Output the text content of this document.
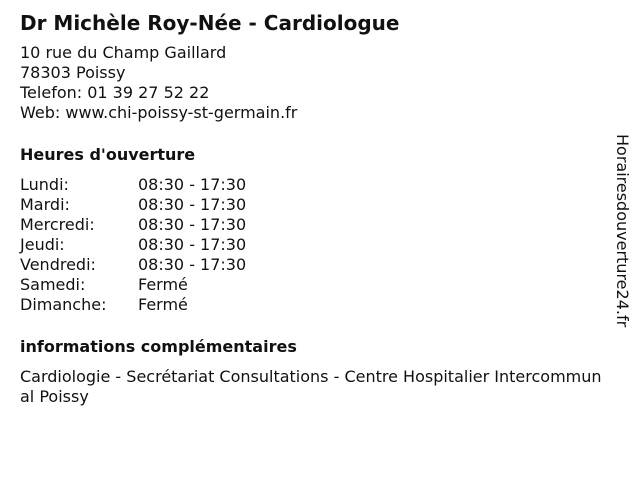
Dr Michèle Roy-Née - Cardiologue
10 rue du Champ Gaillard
78303 Poissy
Telefon: 01 39 27 52 22
Web: www.chi-poissy-st-germain.fr
Heures d'ouverture
Lundi:	08:30 - 17:30
Mardi:	08:30 - 17:30
Mercredi:	08:30 - 17:30
Jeudi:	08:30 - 17:30
Vendredi:	08:30 - 17:30
Samedi:	Fermé
Dimanche:	Fermé
informations complémentaires
Cardiologie - Secrétariat Consultations - Centre Hospitalier Intercommunal Poissy
Horairesdouverture24.fr
